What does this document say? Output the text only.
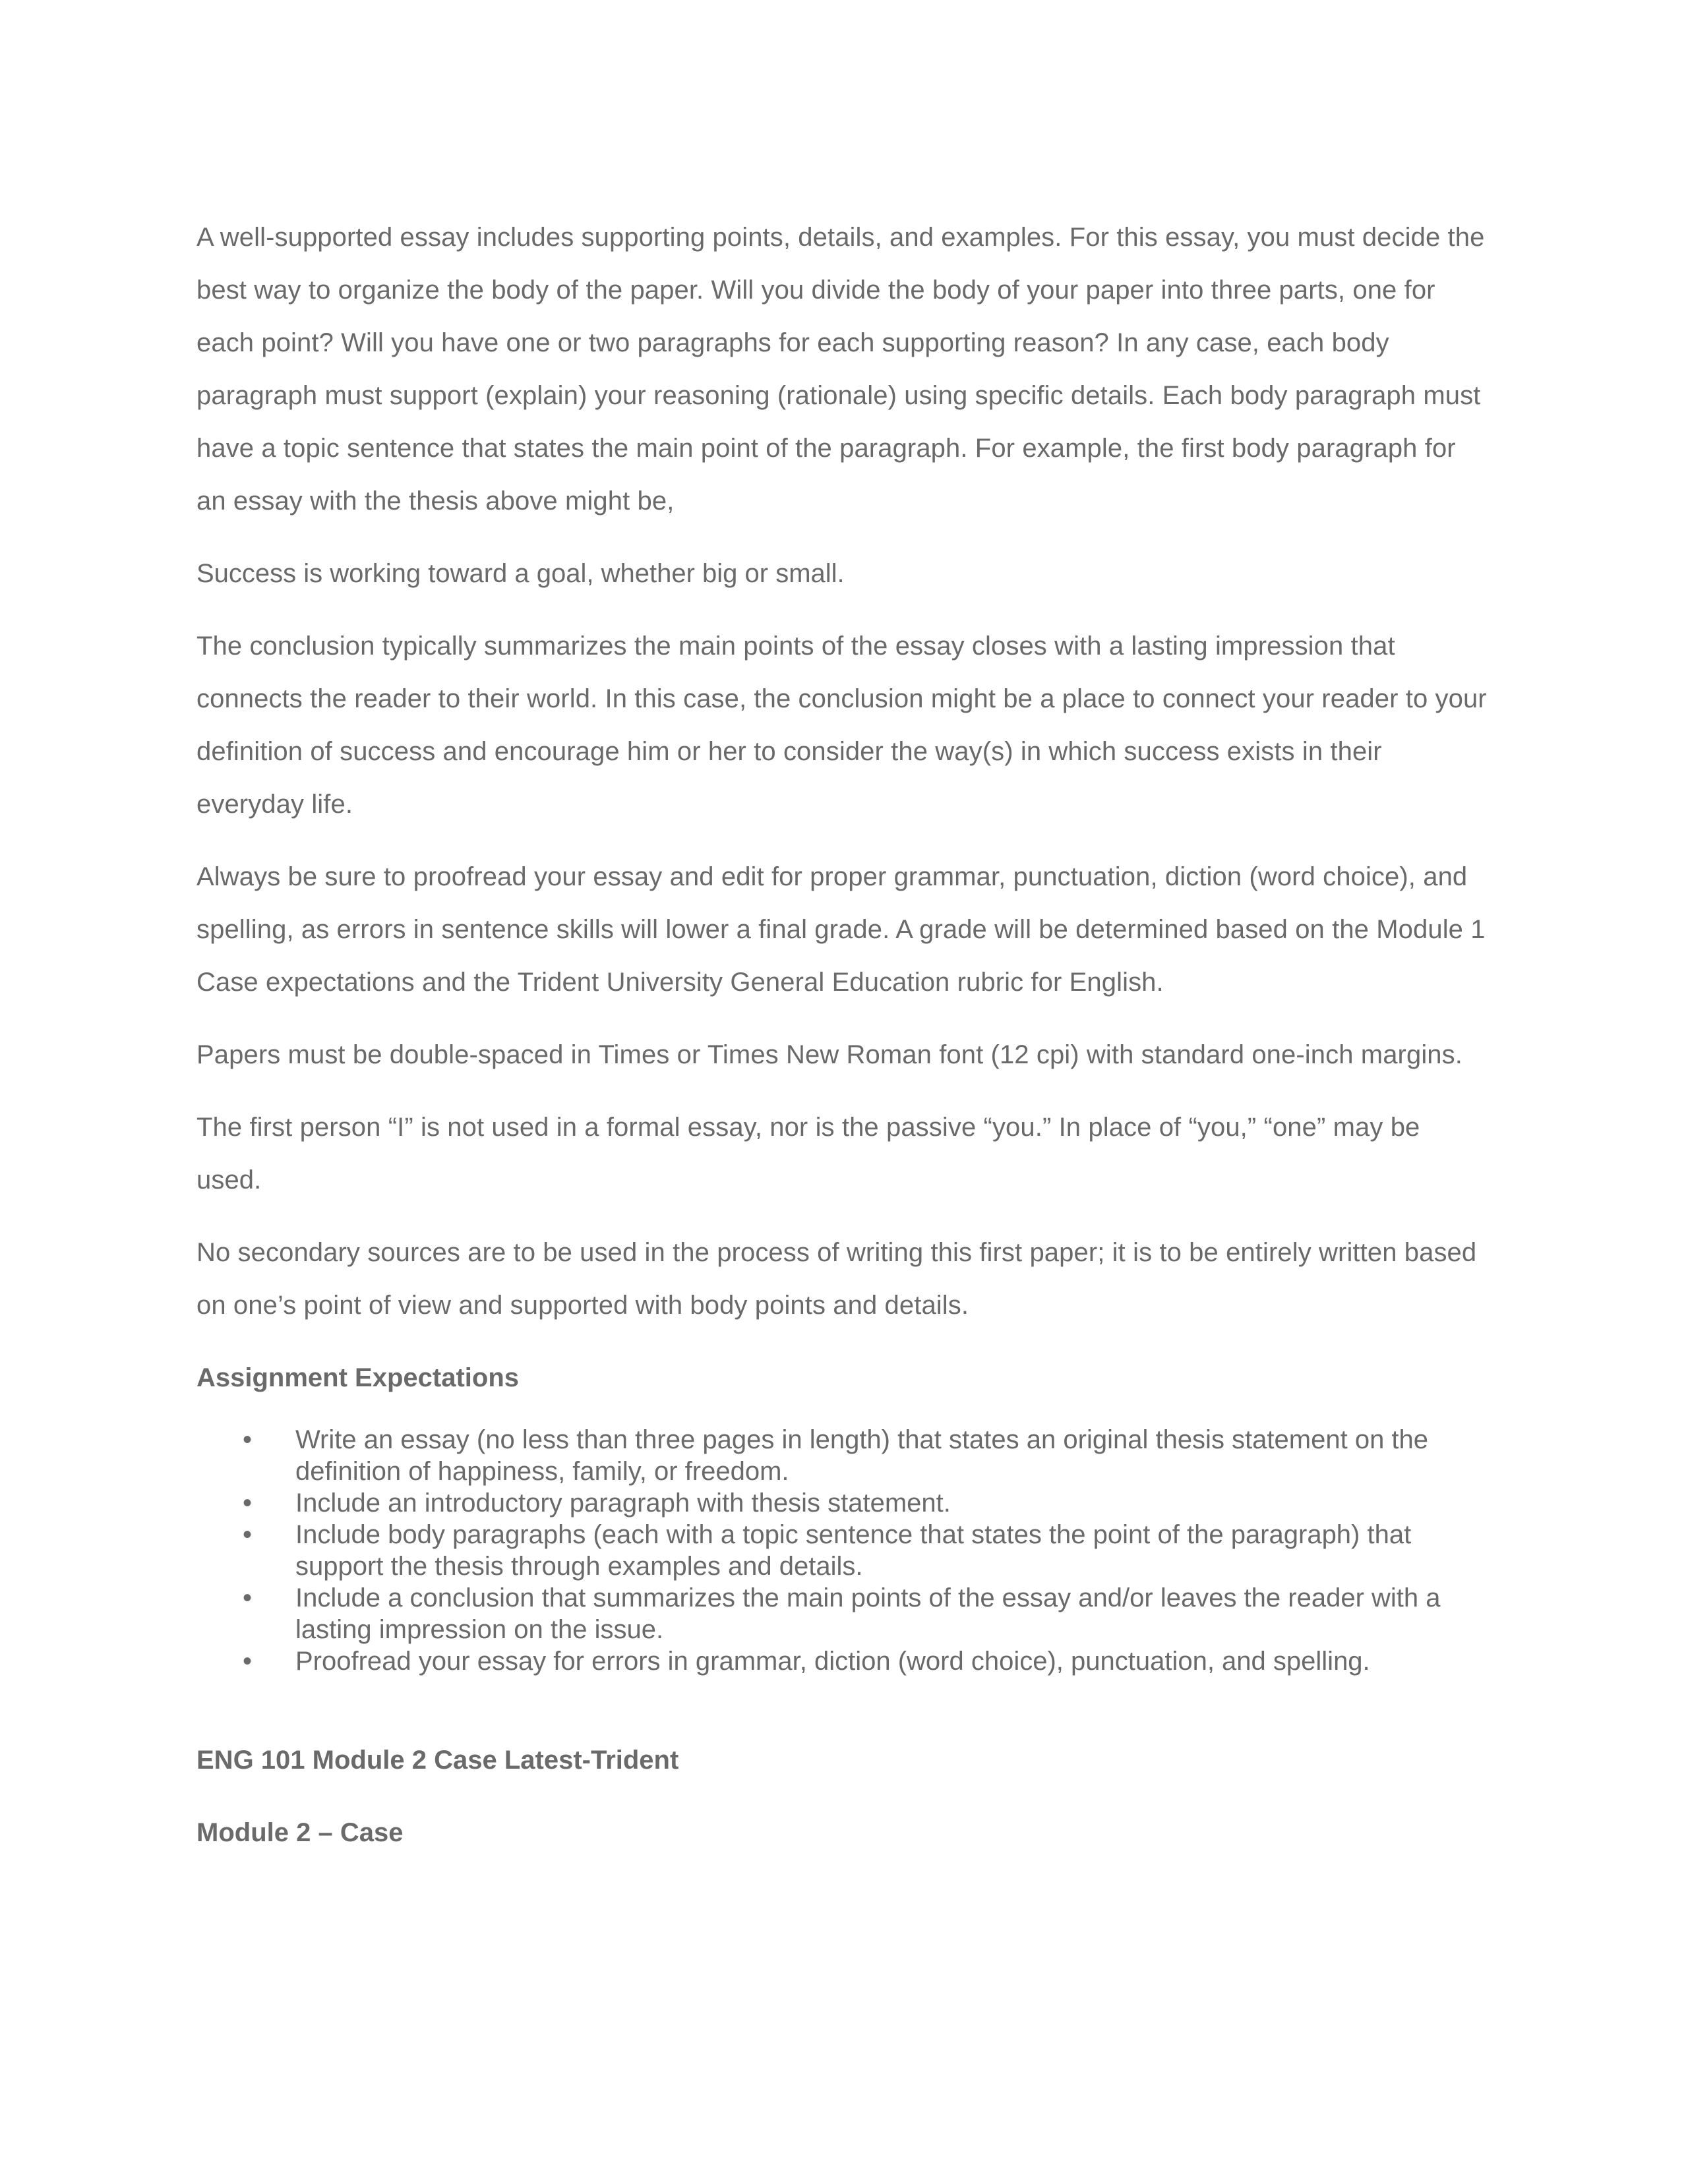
A well-supported essay includes supporting points, details, and examples. For this essay, you must decide the best way to organize the body of the paper. Will you divide the body of your paper into three parts, one for each point? Will you have one or two paragraphs for each supporting reason? In any case, each body paragraph must support (explain) your reasoning (rationale) using specific details. Each body paragraph must have a topic sentence that states the main point of the paragraph. For example, the first body paragraph for an essay with the thesis above might be,

Success is working toward a goal, whether big or small.

The conclusion typically summarizes the main points of the essay closes with a lasting impression that connects the reader to their world. In this case, the conclusion might be a place to connect your reader to your definition of success and encourage him or her to consider the way(s) in which success exists in their everyday life.

Always be sure to proofread your essay and edit for proper grammar, punctuation, diction (word choice), and spelling, as errors in sentence skills will lower a final grade. A grade will be determined based on the Module 1 Case expectations and the Trident University General Education rubric for English.

Papers must be double-spaced in Times or Times New Roman font (12 cpi) with standard one-inch margins.

The first person “I” is not used in a formal essay, nor is the passive “you.” In place of “you,” “one” may be used.

No secondary sources are to be used in the process of writing this first paper; it is to be entirely written based on one’s point of view and supported with body points and details.

Assignment Expectations
• Write an essay (no less than three pages in length) that states an original thesis statement on the definition of happiness, family, or freedom.
• Include an introductory paragraph with thesis statement.
• Include body paragraphs (each with a topic sentence that states the point of the paragraph) that support the thesis through examples and details.
• Include a conclusion that summarizes the main points of the essay and/or leaves the reader with a lasting impression on the issue.
• Proofread your essay for errors in grammar, diction (word choice), punctuation, and spelling.
ENG 101 Module 2 Case Latest-Trident
Module 2 – Case
